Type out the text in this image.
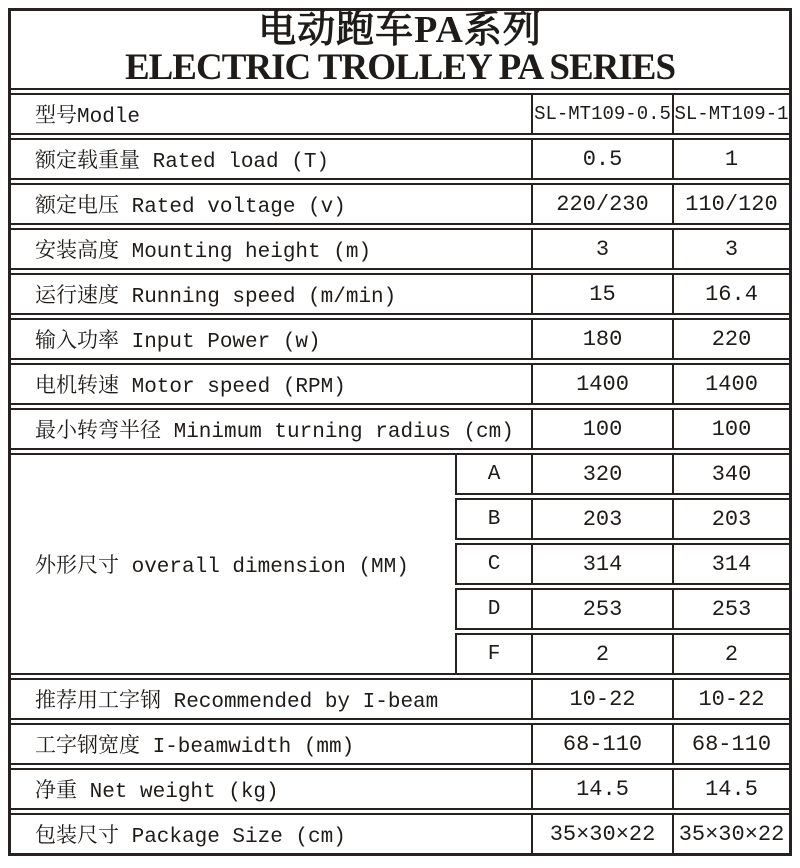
电动跑车PA系列
ELECTRIC TROLLEY PA SERIES
型号Modle	SL-MT109-0.5 SL-MT109-1
额定载重量 Rated load (T)	0.5	1
额定电压 Rated voltage (v)	220/230	110/120
安装高度 Mounting height (m)	3	3
运行速度 Running speed (m/min)	15	16.4
输入功率 Input Power (w)	180	220
电机转速 Motor speed (RPM)	1400	1400
最小转弯半径 Minimum turning radius (cm)	100	100
外形尺寸 overall dimension (MM)
A	320	340
B	203	203
C	314	314
D	253	253
F	2	2
推荐用工字钢 Recommended by I-beam	10-22	10-22
工字钢宽度 I-beamwidth (mm)	68-110	68-110
净重 Net weight (kg)	14.5	14.5
包装尺寸 Package Size (cm)	35×30×22	35×30×22
